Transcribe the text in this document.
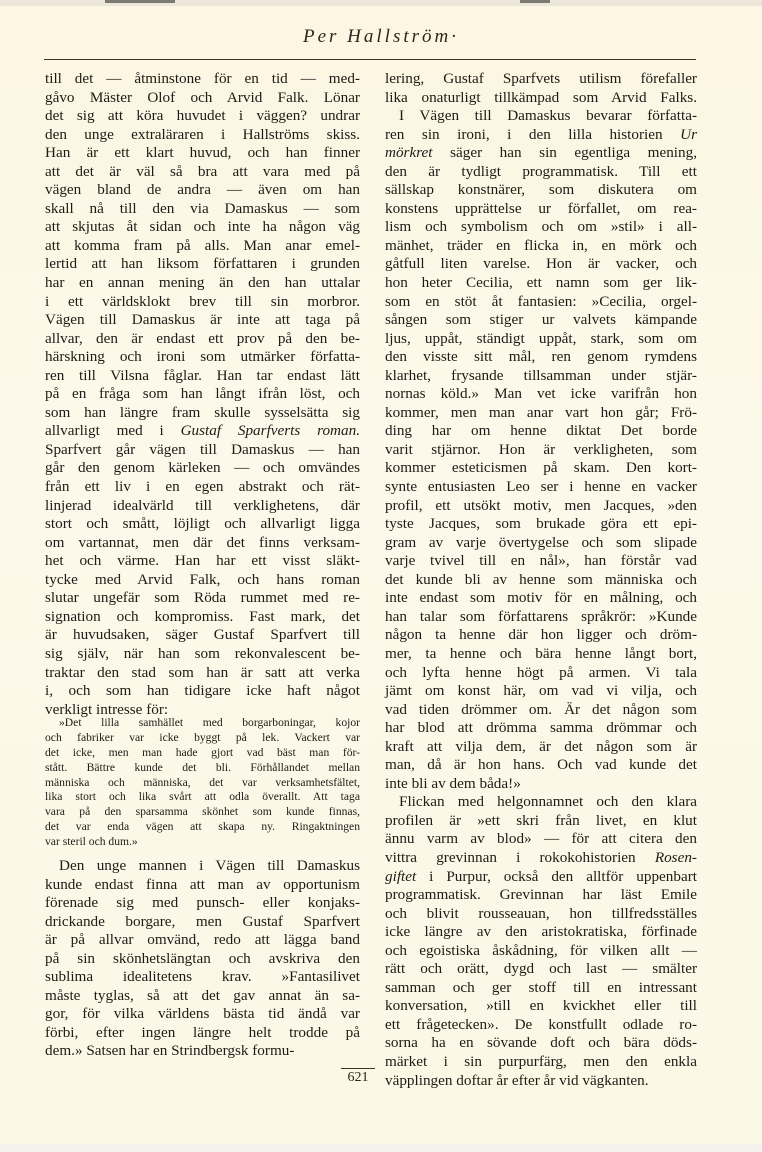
Per Hallström·
till det — åtminstone för en tid — med-
gåvo Mäster Olof och Arvid Falk. Lönar
det sig att köra huvudet i väggen? undrar
den unge extraläraren i Hallströms skiss.
Han är ett klart huvud, och han finner
att det är väl så bra att vara med på
vägen bland de andra — även om han
skall nå till den via Damaskus — som
att skjutas åt sidan och inte ha någon väg
att komma fram på alls. Man anar emel-
lertid att han liksom författaren i grunden
har en annan mening än den han uttalar
i ett världsklokt brev till sin morbror.
Vägen till Damaskus är inte att taga på
allvar, den är endast ett prov på den be-
härskning och ironi som utmärker författa-
ren till Vilsna fåglar. Han tar endast lätt
på en fråga som han långt ifrån löst, och
som han längre fram skulle sysselsätta sig
allvarligt med i Gustaf Sparfverts roman.
Sparfvert går vägen till Damaskus — han
går den genom kärleken — och omvändes
från ett liv i en egen abstrakt och rät-
linjerad idealvärld till verklighetens, där
stort och smått, löjligt och allvarligt ligga
om vartannat, men där det finns verksam-
het och värme. Han har ett visst släkt-
tycke med Arvid Falk, och hans roman
slutar ungefär som Röda rummet med re-
signation och kompromiss. Fast mark, det
är huvudsaken, säger Gustaf Sparfvert till
sig själv, när han som rekonvalescent be-
traktar den stad som han är satt att verka
i, och som han tidigare icke haft något
verkligt intresse för:
»Det lilla samhället med borgarboningar, kojor
och fabriker var icke byggt på lek. Vackert var
det icke, men man hade gjort vad bäst man för-
stått. Bättre kunde det bli. Förhållandet mellan
människa och människa, det var verksamhetsfältet,
lika stort och lika svårt att odla överallt. Att taga
vara på den sparsamma skönhet som kunde finnas,
det var enda vägen att skapa ny. Ringaktningen
var steril och dum.»
Den unge mannen i Vägen till Damaskus
kunde endast finna att man av opportunism
förenade sig med punsch- eller konjaks-
drickande borgare, men Gustaf Sparfvert
är på allvar omvänd, redo att lägga band
på sin skönhetslängtan och avskriva den
sublima idealitetens krav. »Fantasilivet
måste tyglas, så att det gav annat än sa-
gor, för vilka världens bästa tid ändå var
förbi, efter ingen längre helt trodde på
dem.» Satsen har en Strindbergsk formu-
lering, Gustaf Sparfvets utilism förefaller
lika onaturligt tillkämpad som Arvid Falks.
I Vägen till Damaskus bevarar författa-
ren sin ironi, i den lilla historien Ur
mörkret säger han sin egentliga mening,
den är tydligt programmatisk. Till ett
sällskap konstnärer, som diskutera om
konstens upprättelse ur förfallet, om rea-
lism och symbolism och om »stil» i all-
mänhet, träder en flicka in, en mörk och
gåtfull liten varelse. Hon är vacker, och
hon heter Cecilia, ett namn som ger lik-
som en stöt åt fantasien: »Cecilia, orgel-
sången som stiger ur valvets kämpande
ljus, uppåt, ständigt uppåt, stark, som om
den visste sitt mål, ren genom rymdens
klarhet, frysande tillsamman under stjär-
nornas köld.» Man vet icke varifrån hon
kommer, men man anar vart hon går; Frö-
ding har om henne diktat Det borde
varit stjärnor. Hon är verkligheten, som
kommer esteticismen på skam. Den kort-
synte entusiasten Leo ser i henne en vacker
profil, ett utsökt motiv, men Jacques, »den
tyste Jacques, som brukade göra ett epi-
gram av varje övertygelse och som slipade
varje tvivel till en nål», han förstår vad
det kunde bli av henne som människa och
inte endast som motiv för en målning, och
han talar som författarens språkrör: »Kunde
någon ta henne där hon ligger och dröm-
mer, ta henne och bära henne långt bort,
och lyfta henne högt på armen. Vi tala
jämt om konst här, om vad vi vilja, och
vad tiden drömmer om. Är det någon som
har blod att drömma samma drömmar och
kraft att vilja dem, är det någon som är
man, då är hon hans. Och vad kunde det
inte bli av dem båda!»
Flickan med helgonnamnet och den klara
profilen är »ett skri från livet, en klut
ännu varm av blod» — för att citera den
vittra grevinnan i rokokohistorien Rosen-
giftet i Purpur, också den alltför uppenbart
programmatisk. Grevinnan har läst Emile
och blivit rousseauan, hon tillfredsställes
icke längre av den aristokratiska, förfinade
och egoistiska åskådning, för vilken allt —
rätt och orätt, dygd och last — smälter
samman och ger stoff till en intressant
konversation, »till en kvickhet eller till
ett frågetecken». De konstfullt odlade ro-
sorna ha en sövande doft och bära döds-
märket i sin purpurfärg, men den enkla
väpplingen doftar år efter år vid vägkanten.
621
